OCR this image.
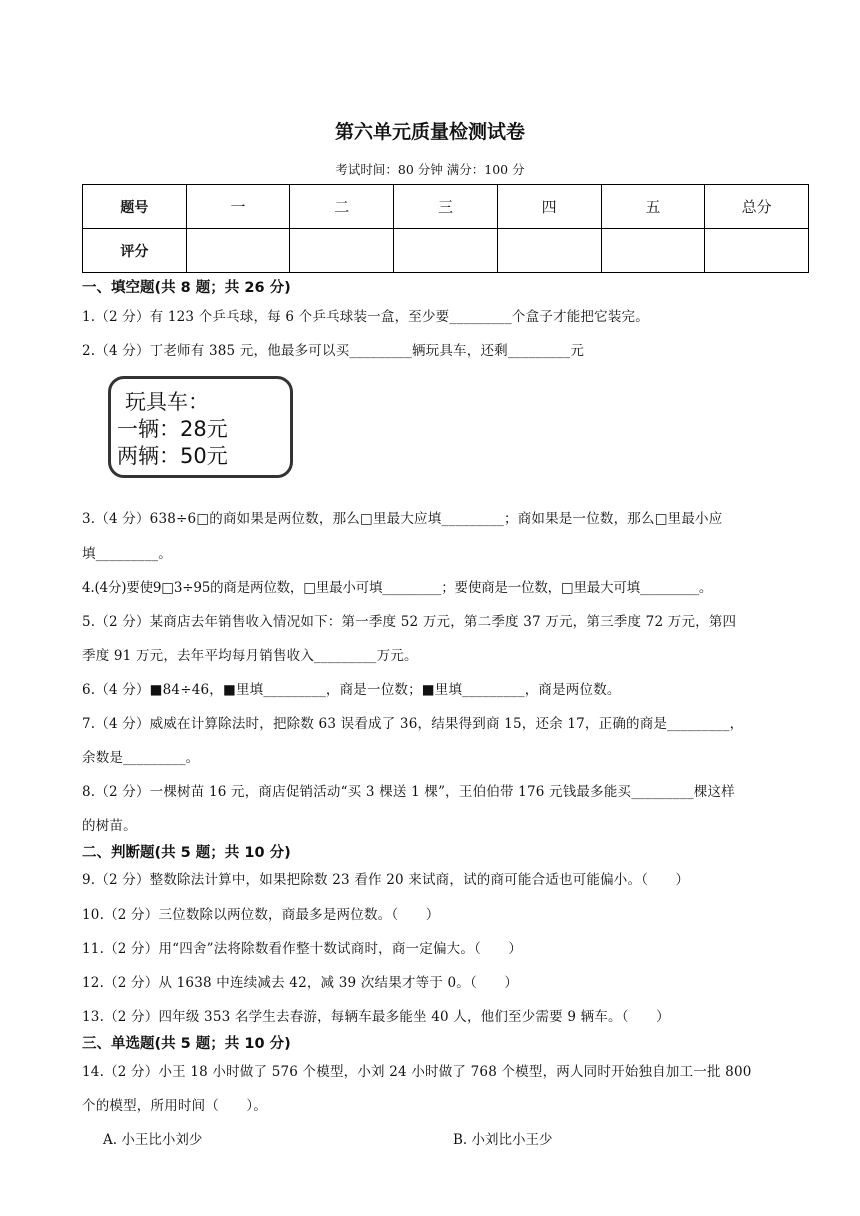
第六单元质量检测试卷
考试时间：80 分钟 满分：100 分
题号	一	二	三	四	五	总分
评分						
一、填空题(共 8 题；共 26 分)
1.（2 分）有 123 个乒乓球，每 6 个乒乓球装一盒，至少要_________个盒子才能把它装完。
2.（4 分）丁老师有 385 元，他最多可以买_________辆玩具车，还剩_________元
玩具车：
一辆：28元
两辆：50元
3.（4 分）638÷6□的商如果是两位数，那么□里最大应填_________；商如果是一位数，那么□里最小应
填_________。
4.(4分)要使9□3÷95的商是两位数，□里最小可填_________；要使商是一位数，□里最大可填_________。
5.（2 分）某商店去年销售收入情况如下：第一季度 52 万元，第二季度 37 万元，第三季度 72 万元，第四
季度 91 万元，去年平均每月销售收入_________万元。
6.（4 分）■84÷46，■里填_________，商是一位数；■里填_________，商是两位数。
7.（4 分）威威在计算除法时，把除数 63 误看成了 36，结果得到商 15，还余 17，正确的商是_________，
余数是_________。
8.（2 分）一棵树苗 16 元，商店促销活动“买 3 棵送 1 棵”，王伯伯带 176 元钱最多能买_________棵这样
的树苗。
二、判断题(共 5 题；共 10 分)
9.（2 分）整数除法计算中，如果把除数 23 看作 20 来试商，试的商可能合适也可能偏小。（　　）
10.（2 分）三位数除以两位数，商最多是两位数。（　　）
11.（2 分）用“四舍”法将除数看作整十数试商时，商一定偏大。（　　）
12.（2 分）从 1638 中连续减去 42，减 39 次结果才等于 0。（　　）
13.（2 分）四年级 353 名学生去春游，每辆车最多能坐 40 人，他们至少需要 9 辆车。（　　）
三、单选题(共 5 题；共 10 分)
14.（2 分）小王 18 小时做了 576 个模型，小刘 24 小时做了 768 个模型，两人同时开始独自加工一批 800
个的模型，所用时间（　　）。
A. 小王比小刘少	B. 小刘比小王少
